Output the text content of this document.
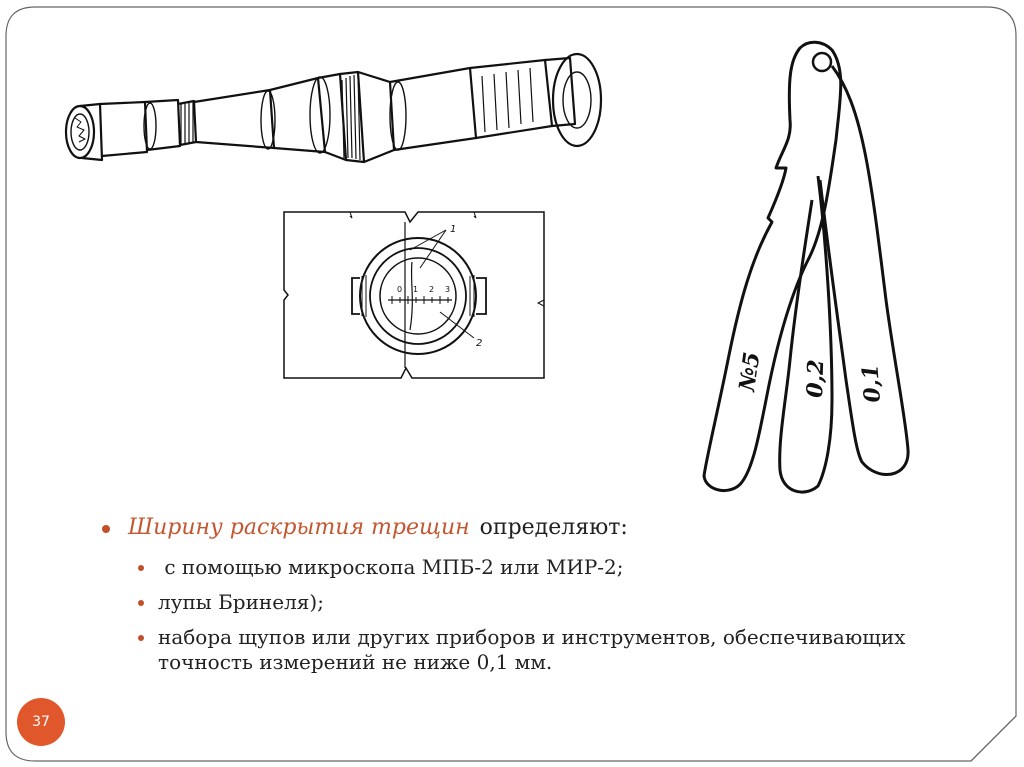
1
2
0 1 2 3
№5 0,2 0,1
Ширину раскрытия трещин определяют:
с помощью микроскопа МПБ-2 или МИР-2;
лупы Бринеля);
набора щупов или других приборов и инструментов, обеспечивающих точность измерений не ниже 0,1 мм.
37
